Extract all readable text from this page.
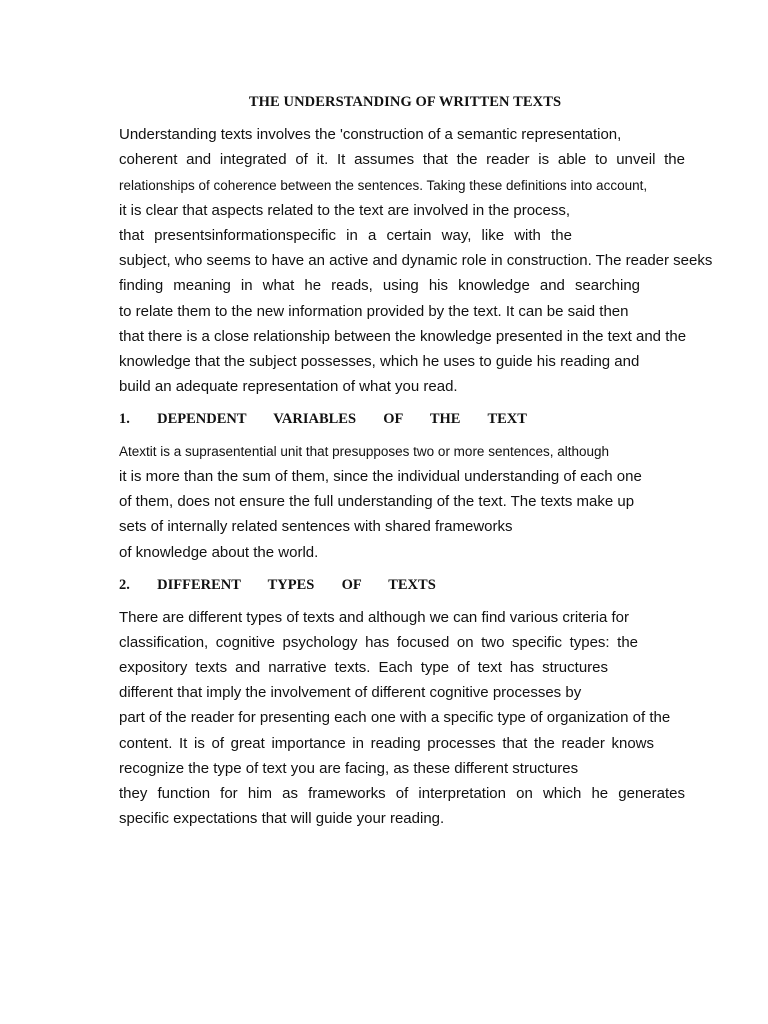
THE UNDERSTANDING OF WRITTEN TEXTS
Understanding texts involves the 'construction of a semantic representation,
coherent and integrated of it. It assumes that the reader is able to unveil the
relationships of coherence between the sentences. Taking these definitions into account,
it is clear that aspects related to the text are involved in the process,
that presentsinformationspecific in a certain way, like with the
subject, who seems to have an active and dynamic role in construction. The reader seeks
finding meaning in what he reads, using his knowledge and searching
to relate them to the new information provided by the text. It can be said then
that there is a close relationship between the knowledge presented in the text and the
knowledge that the subject possesses, which he uses to guide his reading and
build an adequate representation of what you read.
1.  DEPENDENT  VARIABLES  OF  THE  TEXT
Atextit is a suprasentential unit that presupposes two or more sentences, although
it is more than the sum of them, since the individual understanding of each one
of them, does not ensure the full understanding of the text. The texts make up
sets of internally related sentences with shared frameworks
of knowledge about the world.
2.  DIFFERENT  TYPES  OF  TEXTS
There are different types of texts and although we can find various criteria for
classification, cognitive psychology has focused on two specific types: the
expository texts and narrative texts. Each type of text has structures
different that imply the involvement of different cognitive processes by
part of the reader for presenting each one with a specific type of organization of the
content. It is of great importance in reading processes that the reader knows
recognize the type of text you are facing, as these different structures
they function for him as frameworks of interpretation on which he generates
specific expectations that will guide your reading.
